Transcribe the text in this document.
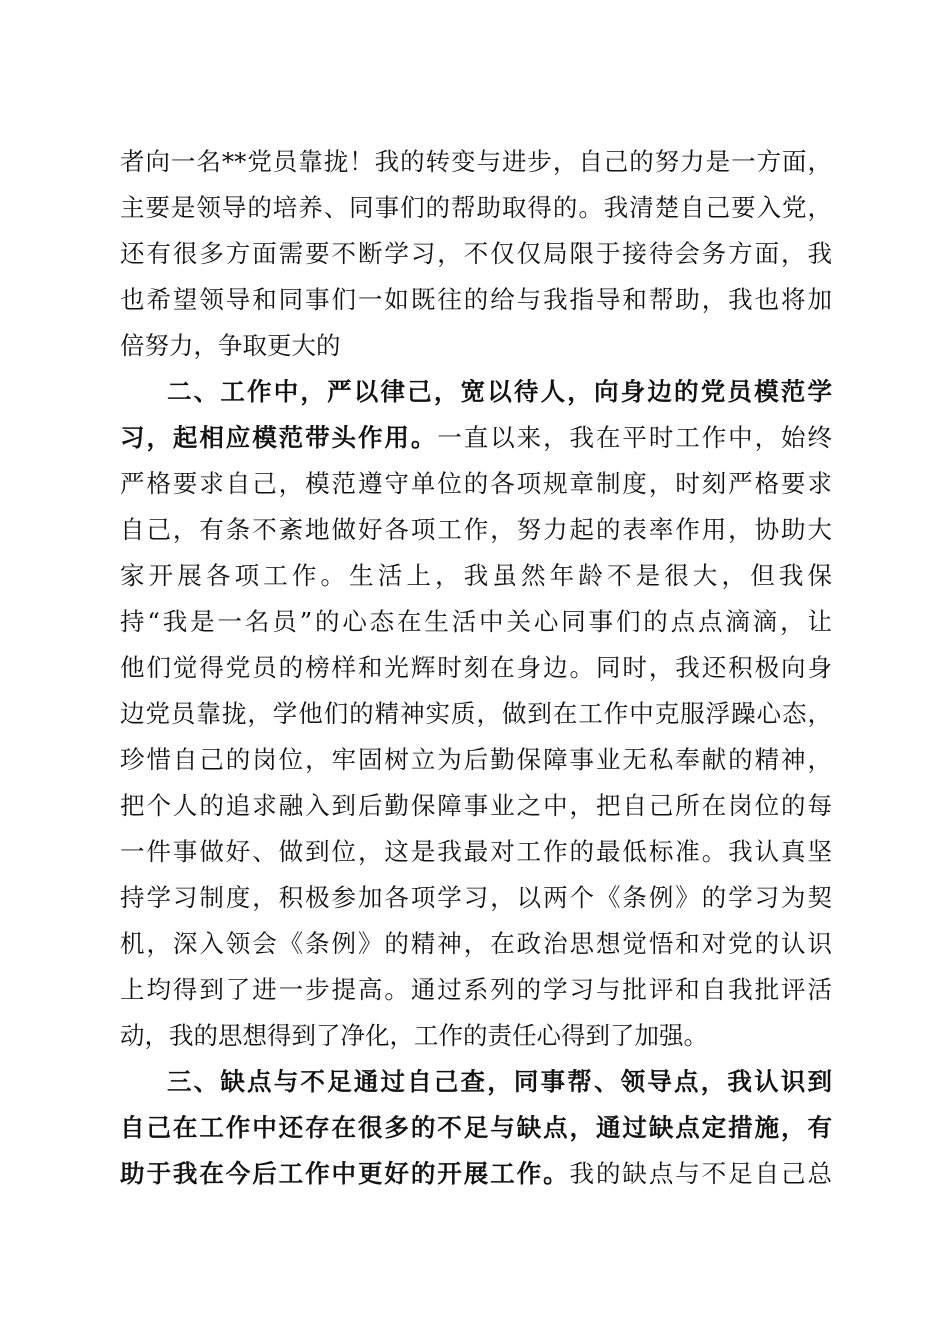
者向一名**党员靠拢！我的转变与进步，自己的努力是一方面，
主要是领导的培养、同事们的帮助取得的。我清楚自己要入党，
还有很多方面需要不断学习，不仅仅局限于接待会务方面，我
也希望领导和同事们一如既往的给与我指导和帮助，我也将加
倍努力，争取更大的
二、工作中，严以律己，宽以待人，向身边的党员模范学
习，起相应模范带头作用。一直以来，我在平时工作中，始终
严格要求自己，模范遵守单位的各项规章制度，时刻严格要求
自己，有条不紊地做好各项工作，努力起的表率作用，协助大
家开展各项工作。生活上，我虽然年龄不是很大，但我保
持“我是一名员”的心态在生活中关心同事们的点点滴滴，让
他们觉得党员的榜样和光辉时刻在身边。同时，我还积极向身
边党员靠拢，学他们的精神实质，做到在工作中克服浮躁心态，
珍惜自己的岗位，牢固树立为后勤保障事业无私奉献的精神，
把个人的追求融入到后勤保障事业之中，把自己所在岗位的每
一件事做好、做到位，这是我最对工作的最低标准。我认真坚
持学习制度，积极参加各项学习，以两个《条例》的学习为契
机，深入领会《条例》的精神，在政治思想觉悟和对党的认识
上均得到了进一步提高。通过系列的学习与批评和自我批评活
动，我的思想得到了净化，工作的责任心得到了加强。
三、缺点与不足通过自己查，同事帮、领导点，我认识到
自己在工作中还存在很多的不足与缺点，通过缺点定措施，有
助于我在今后工作中更好的开展工作。我的缺点与不足自己总
